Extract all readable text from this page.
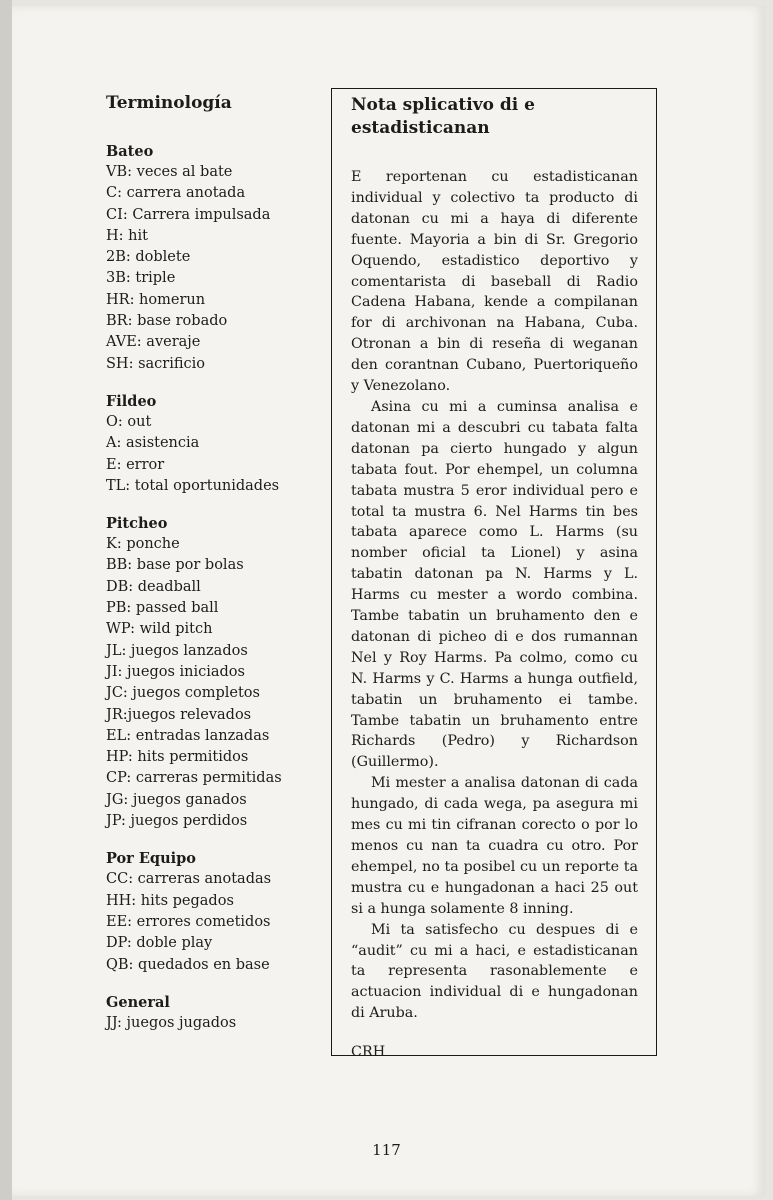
Terminología
Bateo
VB: veces al bate
C: carrera anotada
CI: Carrera impulsada
H: hit
2B: doblete
3B: triple
HR: homerun
BR: base robado
AVE: averaje
SH: sacrificio
Fildeo
O: out
A: asistencia
E: error
TL: total oportunidades
Pitcheo
K: ponche
BB: base por bolas
DB: deadball
PB: passed ball
WP: wild pitch
JL: juegos lanzados
JI: juegos iniciados
JC: juegos completos
JR:juegos relevados
EL: entradas lanzadas
HP: hits permitidos
CP: carreras permitidas
JG: juegos ganados
JP: juegos perdidos
Por Equipo
CC: carreras anotadas
HH: hits pegados
EE: errores cometidos
DP: doble play
QB: quedados en base
General
JJ: juegos jugados
Nota splicativo di e estadisticanan

E reportenan cu estadisticanan individual y colectivo ta producto di datonan cu mi a haya di diferente fuente. Mayoria a bin di Sr. Gregorio Oquendo, estadistico deportivo y comentarista di baseball di Radio Cadena Habana, kende a compilanan for di archivonan na Habana, Cuba. Otronan a bin di reseña di weganan den corantnan Cubano, Puertoriqueño y Venezolano.

Asina cu mi a cuminsa analisa e datonan mi a descubri cu tabata falta datonan pa cierto hungado y algun tabata fout. Por ehempel, un columna tabata mustra 5 eror individual pero e total ta mustra 6. Nel Harms tin bes tabata aparece como L. Harms (su nomber oficial ta Lionel) y asina tabatin datonan pa N. Harms y L. Harms cu mester a wordo combina. Tambe tabatin un bruhamento den e datonan di picheo di e dos rumannan Nel y Roy Harms. Pa colmo, como cu N. Harms y C. Harms a hunga outfield, tabatin un bruhamento ei tambe. Tambe tabatin un bruhamento entre Richards (Pedro) y Richardson (Guillermo).

Mi mester a analisa datonan di cada hungado, di cada wega, pa asegura mi mes cu mi tin cifranan corecto o por lo menos cu nan ta cuadra cu otro. Por ehempel, no ta posibel cu un reporte ta mustra cu e hungadonan a haci 25 out si a hunga solamente 8 inning.

Mi ta satisfecho cu despues di e “audit” cu mi a haci, e estadisticanan ta representa rasonablemente e actuacion individual di e hungadonan di Aruba.

CRH

117
